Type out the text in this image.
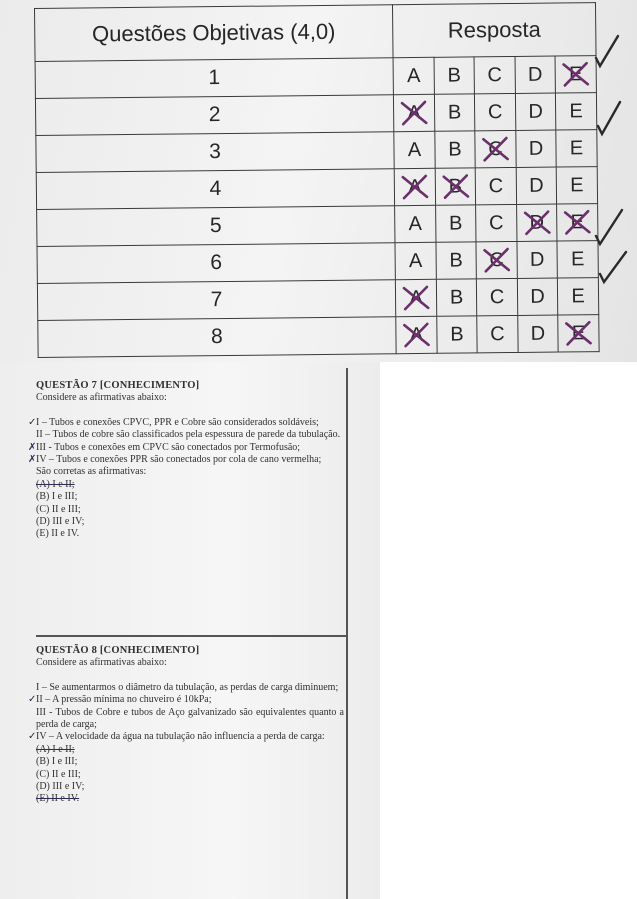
Questões Objetivas (4,0)	Resposta				
1	A	B	C	D	E

2	A	B	C	D	E
3	A	B	C	D	E
4	A	B	C	D	E
5	A	B	C	D	E

6	A	B	C	D	E
7	A	B	C	D	E
8	A	B	C	D	E
QUESTÃO 7 [CONHECIMENTO]
Considere as afirmativas abaixo:
✓ I – Tubos e conexões CPVC, PPR e Cobre são considerados soldáveis;
II – Tubos de cobre são classificados pela espessura de parede da tubulação.
✗ III - Tubos e conexões em CPVC são conectados por Termofusão;
✗ IV – Tubos e conexões PPR são conectados por cola de cano vermelha;
São corretas as afirmativas:
(A) I e II;
(B) I e III;
(C) II e III;
(D) III e IV;
(E) II e IV.
QUESTÃO 8 [CONHECIMENTO]
Considere as afirmativas abaixo:
I – Se aumentarmos o diâmetro da tubulação, as perdas de carga diminuem;
✓ II – A pressão mínima no chuveiro é 10kPa;
III - Tubos de Cobre e tubos de Aço galvanizado são equivalentes quanto a perda de carga;
✓ IV – A velocidade da água na tubulação não influencia a perda de carga:
(A) I e II;
(B) I e III;
(C) II e III;
(D) III e IV;
(E) II e IV.
